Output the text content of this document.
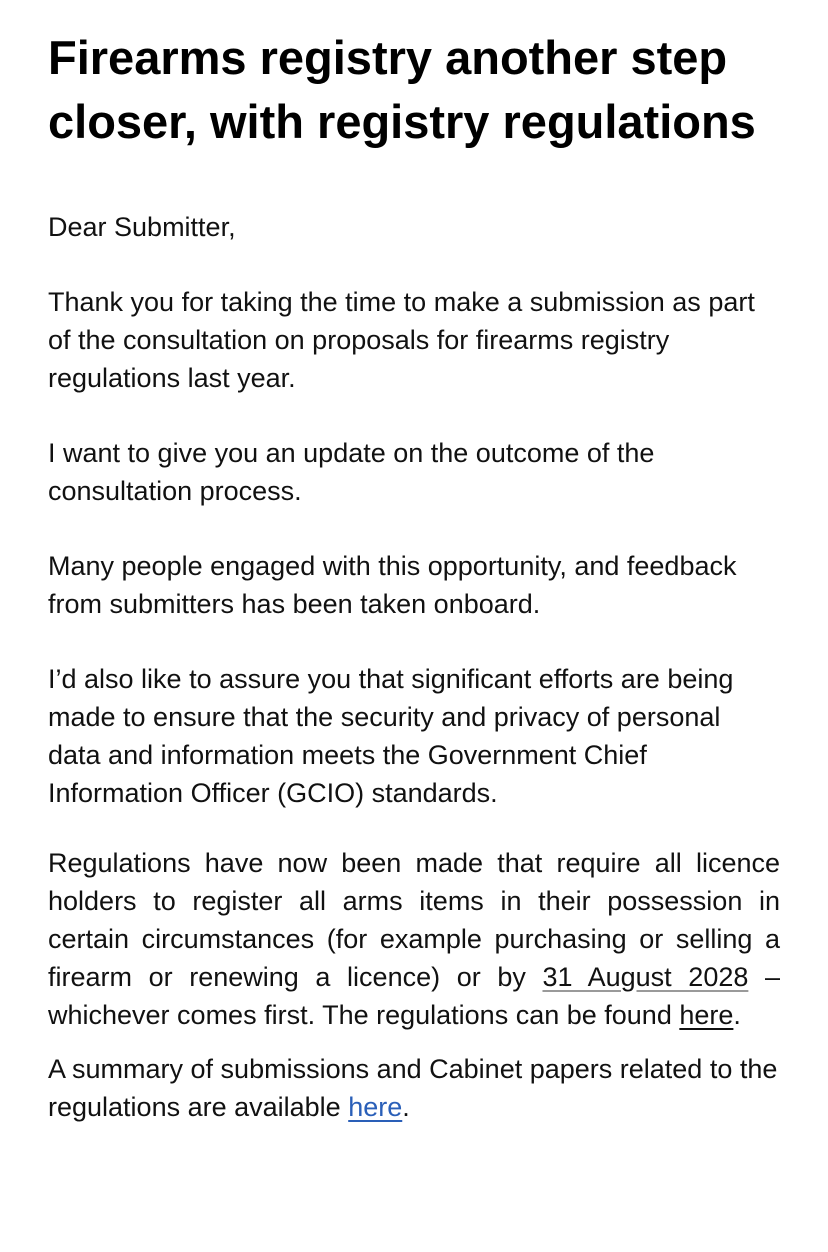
Firearms registry another step closer, with registry regulations

Dear Submitter,

Thank you for taking the time to make a submission as part of the consultation on proposals for firearms registry regulations last year.

I want to give you an update on the outcome of the consultation process.

Many people engaged with this opportunity, and feedback from submitters has been taken onboard.

I’d also like to assure you that significant efforts are being made to ensure that the security and privacy of personal data and information meets the Government Chief Information Officer (GCIO) standards.

Regulations have now been made that require all licence holders to register all arms items in their possession in certain circumstances (for example purchasing or selling a firearm or renewing a licence) or by 31 August 2028 – whichever comes first. The regulations can be found here.

A summary of submissions and Cabinet papers related to the regulations are available here.
